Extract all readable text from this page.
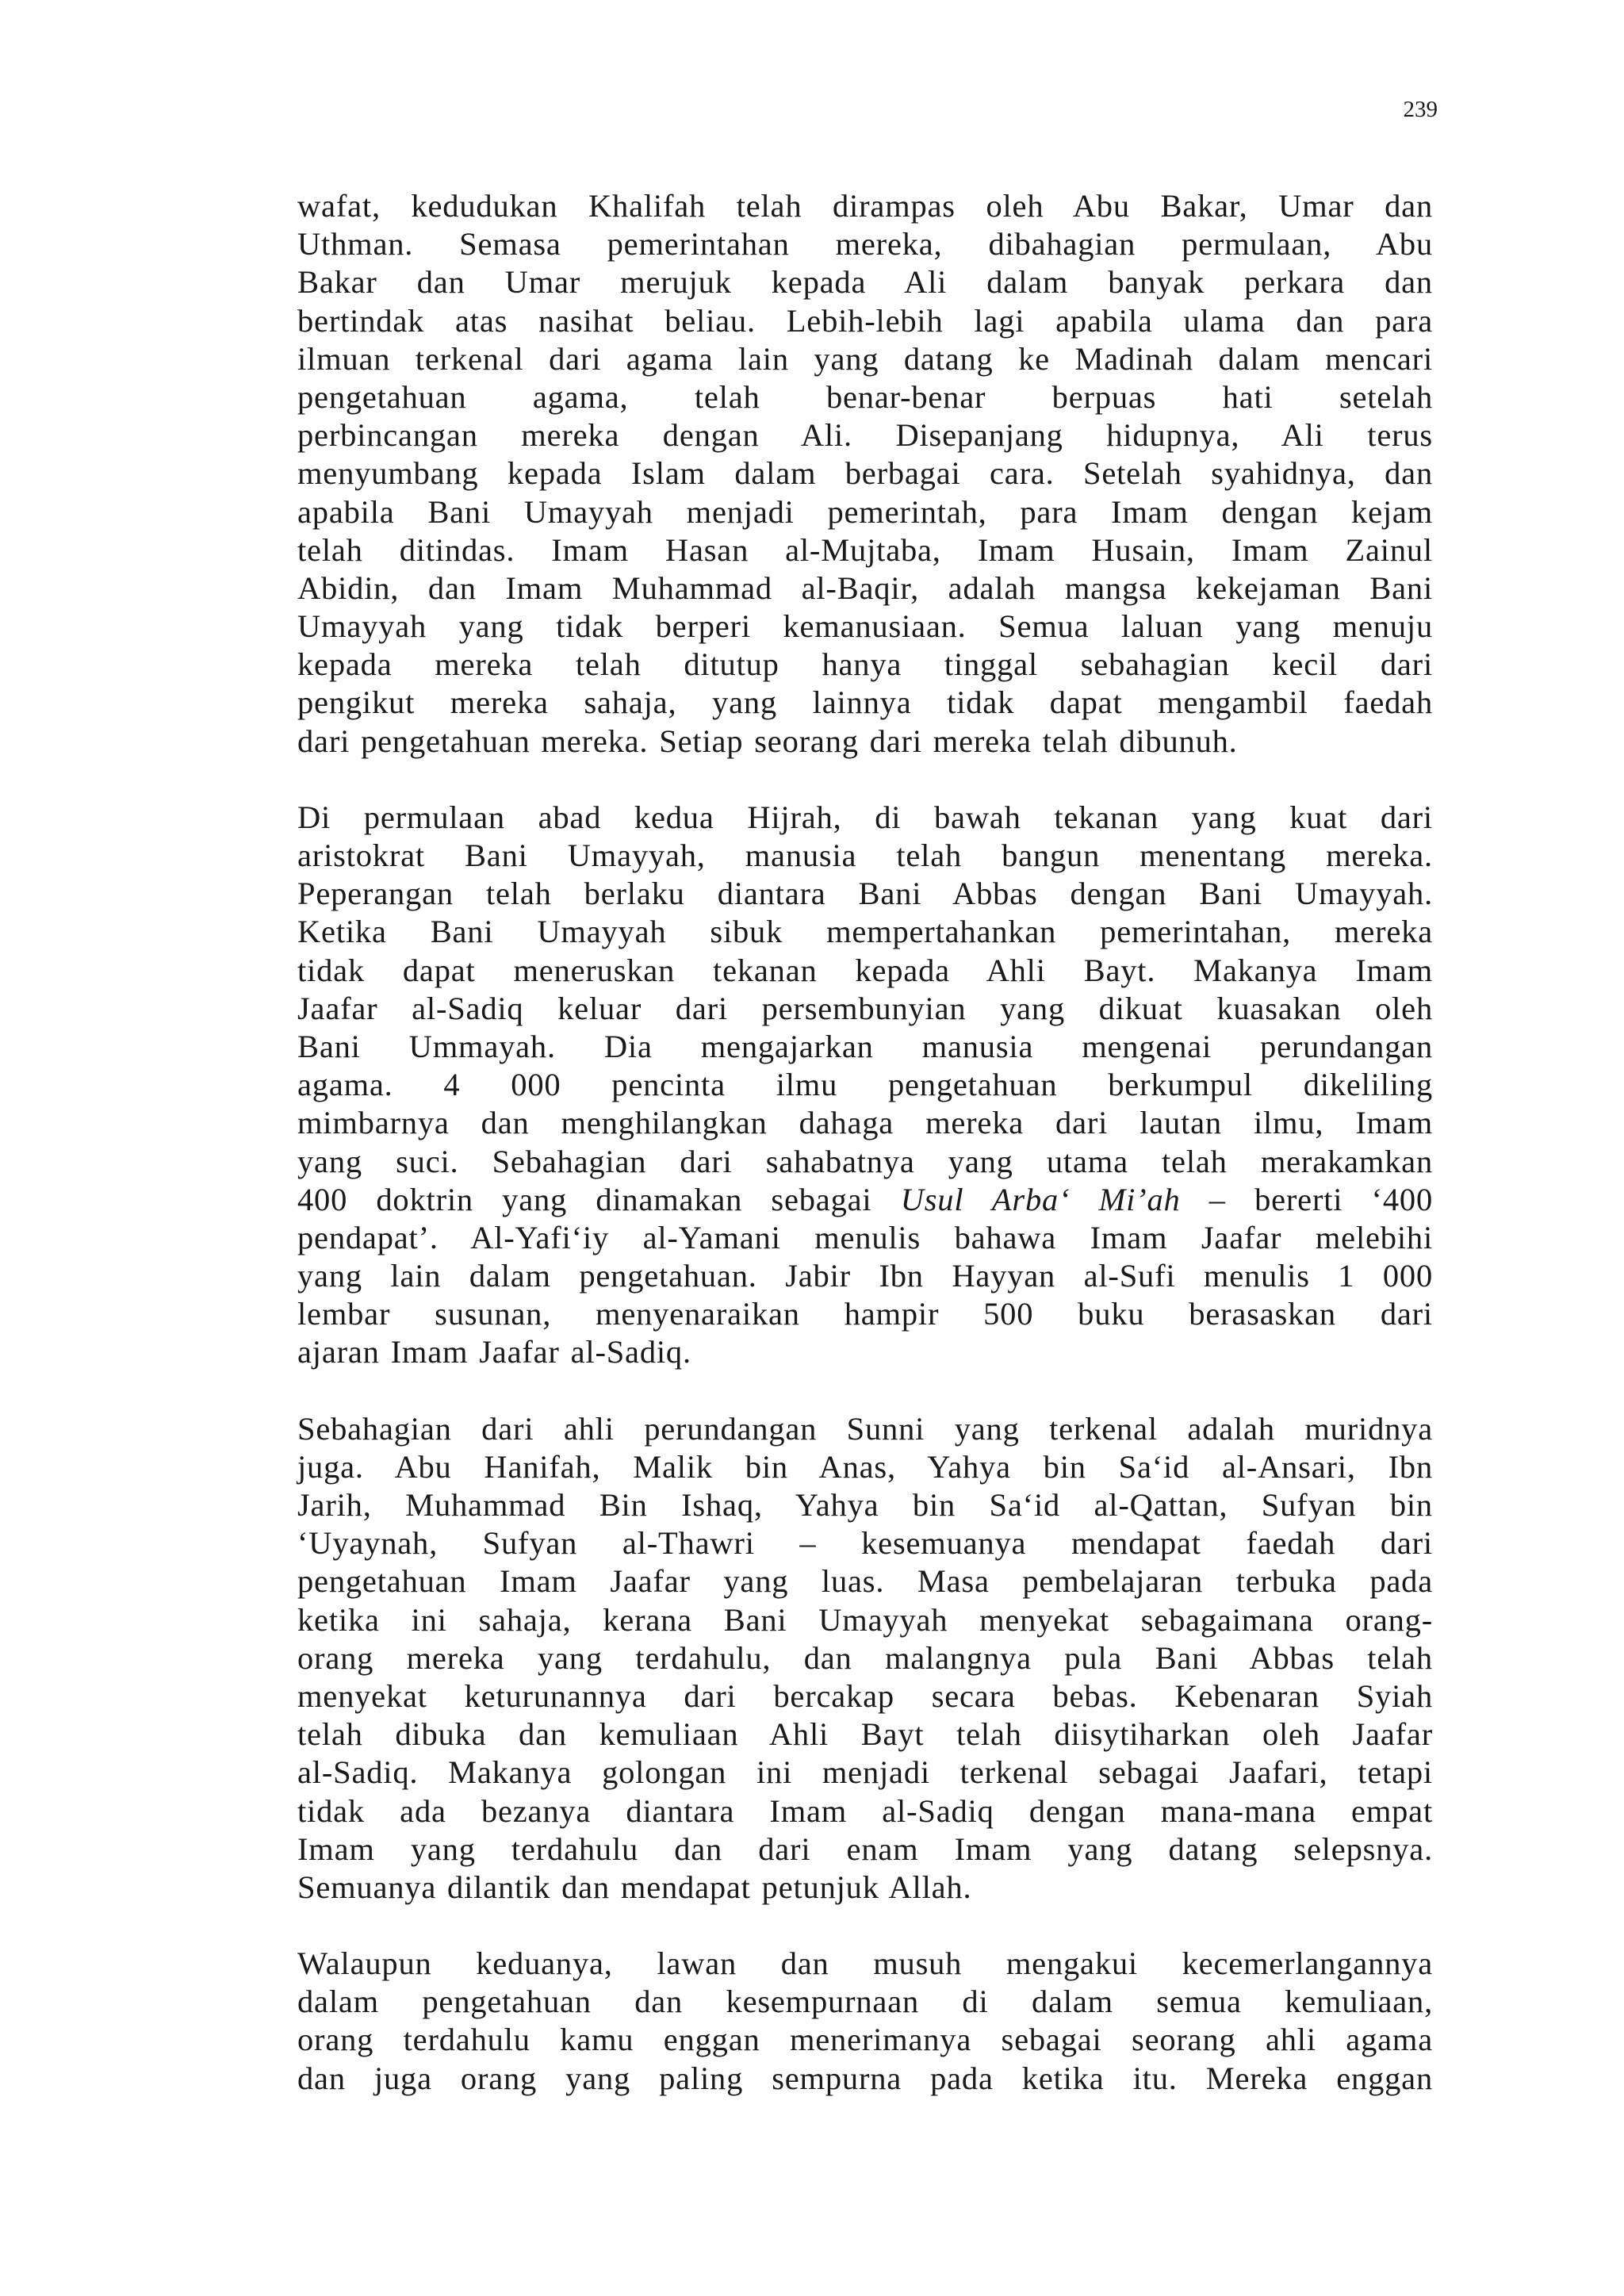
239
wafat, kedudukan Khalifah telah dirampas oleh Abu Bakar, Umar dan
Uthman. Semasa pemerintahan mereka, dibahagian permulaan, Abu
Bakar dan Umar merujuk kepada Ali dalam banyak perkara dan
bertindak atas nasihat beliau. Lebih-lebih lagi apabila ulama dan para
ilmuan terkenal dari agama lain yang datang ke Madinah dalam mencari
pengetahuan agama, telah benar-benar berpuas hati setelah
perbincangan mereka dengan Ali. Disepanjang hidupnya, Ali terus
menyumbang kepada Islam dalam berbagai cara. Setelah syahidnya, dan
apabila Bani Umayyah menjadi pemerintah, para Imam dengan kejam
telah ditindas. Imam Hasan al-Mujtaba, Imam Husain, Imam Zainul
Abidin, dan Imam Muhammad al-Baqir, adalah mangsa kekejaman Bani
Umayyah yang tidak berperi kemanusiaan. Semua laluan yang menuju
kepada mereka telah ditutup hanya tinggal sebahagian kecil dari
pengikut mereka sahaja, yang lainnya tidak dapat mengambil faedah
dari pengetahuan mereka. Setiap seorang dari mereka telah dibunuh.
Di permulaan abad kedua Hijrah, di bawah tekanan yang kuat dari
aristokrat Bani Umayyah, manusia telah bangun menentang mereka.
Peperangan telah berlaku diantara Bani Abbas dengan Bani Umayyah.
Ketika Bani Umayyah sibuk mempertahankan pemerintahan, mereka
tidak dapat meneruskan tekanan kepada Ahli Bayt. Makanya Imam
Jaafar al-Sadiq keluar dari persembunyian yang dikuat kuasakan oleh
Bani Ummayah. Dia mengajarkan manusia mengenai perundangan
agama. 4 000 pencinta ilmu pengetahuan berkumpul dikeliling
mimbarnya dan menghilangkan dahaga mereka dari lautan ilmu, Imam
yang suci. Sebahagian dari sahabatnya yang utama telah merakamkan
400 doktrin yang dinamakan sebagai Usul Arba‘ Mi’ah – bererti ‘400
pendapat’. Al-Yafi‘iy al-Yamani menulis bahawa Imam Jaafar melebihi
yang lain dalam pengetahuan. Jabir Ibn Hayyan al-Sufi menulis 1 000
lembar susunan, menyenaraikan hampir 500 buku berasaskan dari
ajaran Imam Jaafar al-Sadiq.
Sebahagian dari ahli perundangan Sunni yang terkenal adalah muridnya
juga. Abu Hanifah, Malik bin Anas, Yahya bin Sa‘id al-Ansari, Ibn
Jarih, Muhammad Bin Ishaq, Yahya bin Sa‘id al-Qattan, Sufyan bin
‘Uyaynah, Sufyan al-Thawri – kesemuanya mendapat faedah dari
pengetahuan Imam Jaafar yang luas. Masa pembelajaran terbuka pada
ketika ini sahaja, kerana Bani Umayyah menyekat sebagaimana orang-
orang mereka yang terdahulu, dan malangnya pula Bani Abbas telah
menyekat keturunannya dari bercakap secara bebas. Kebenaran Syiah
telah dibuka dan kemuliaan Ahli Bayt telah diisytiharkan oleh Jaafar
al-Sadiq. Makanya golongan ini menjadi terkenal sebagai Jaafari, tetapi
tidak ada bezanya diantara Imam al-Sadiq dengan mana-mana empat
Imam yang terdahulu dan dari enam Imam yang datang selepsnya.
Semuanya dilantik dan mendapat petunjuk Allah.
Walaupun keduanya, lawan dan musuh mengakui kecemerlangannya
dalam pengetahuan dan kesempurnaan di dalam semua kemuliaan,
orang terdahulu kamu enggan menerimanya sebagai seorang ahli agama
dan juga orang yang paling sempurna pada ketika itu. Mereka enggan
